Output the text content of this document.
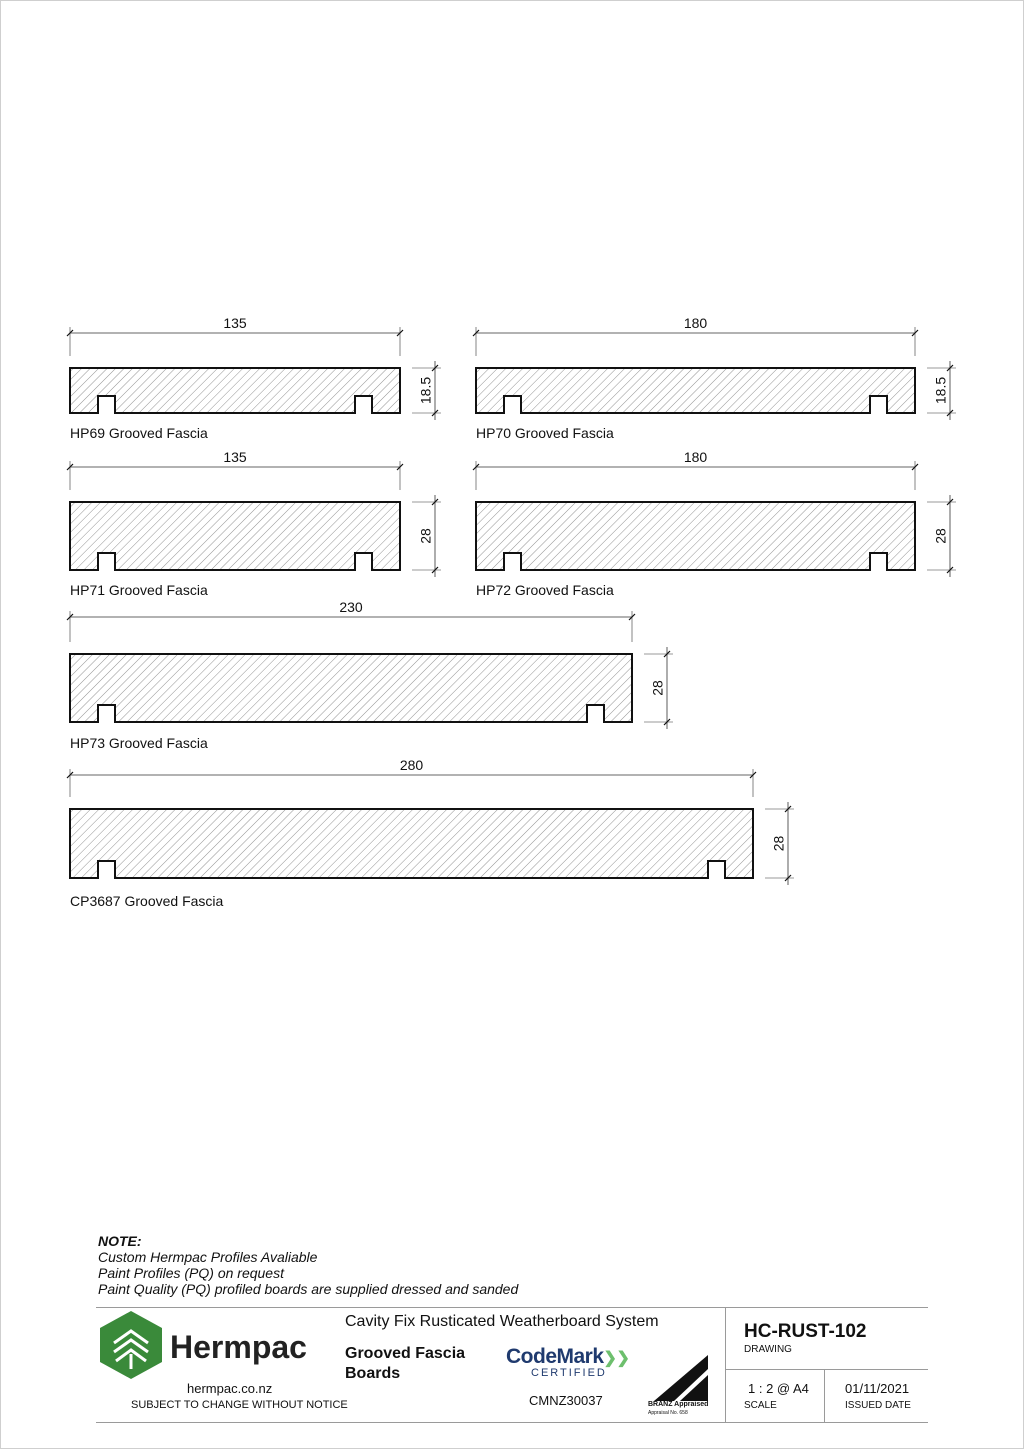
135
18.5
HP69 Grooved Fascia
180
18.5
HP70 Grooved Fascia
135
28
HP71 Grooved Fascia
180
28
HP72 Grooved Fascia
230
28
HP73 Grooved Fascia
280
28
CP3687 Grooved Fascia
NOTE:
Custom Hermpac Profiles Avaliable
Paint Profiles (PQ) on request
Paint Quality (PQ) profiled boards are supplied dressed and sanded
Hermpac
hermpac.co.nz
SUBJECT TO CHANGE WITHOUT NOTICE
Cavity Fix Rusticated Weatherboard System
Grooved Fascia
Boards
CodeMark❯❯
CERTIFIED
CMNZ30037	BRANZ Appraised
Appraisal No. 658
HC-RUST-102
DRAWING
1 : 2 @ A4
SCALE
01/11/2021
ISSUED DATE
